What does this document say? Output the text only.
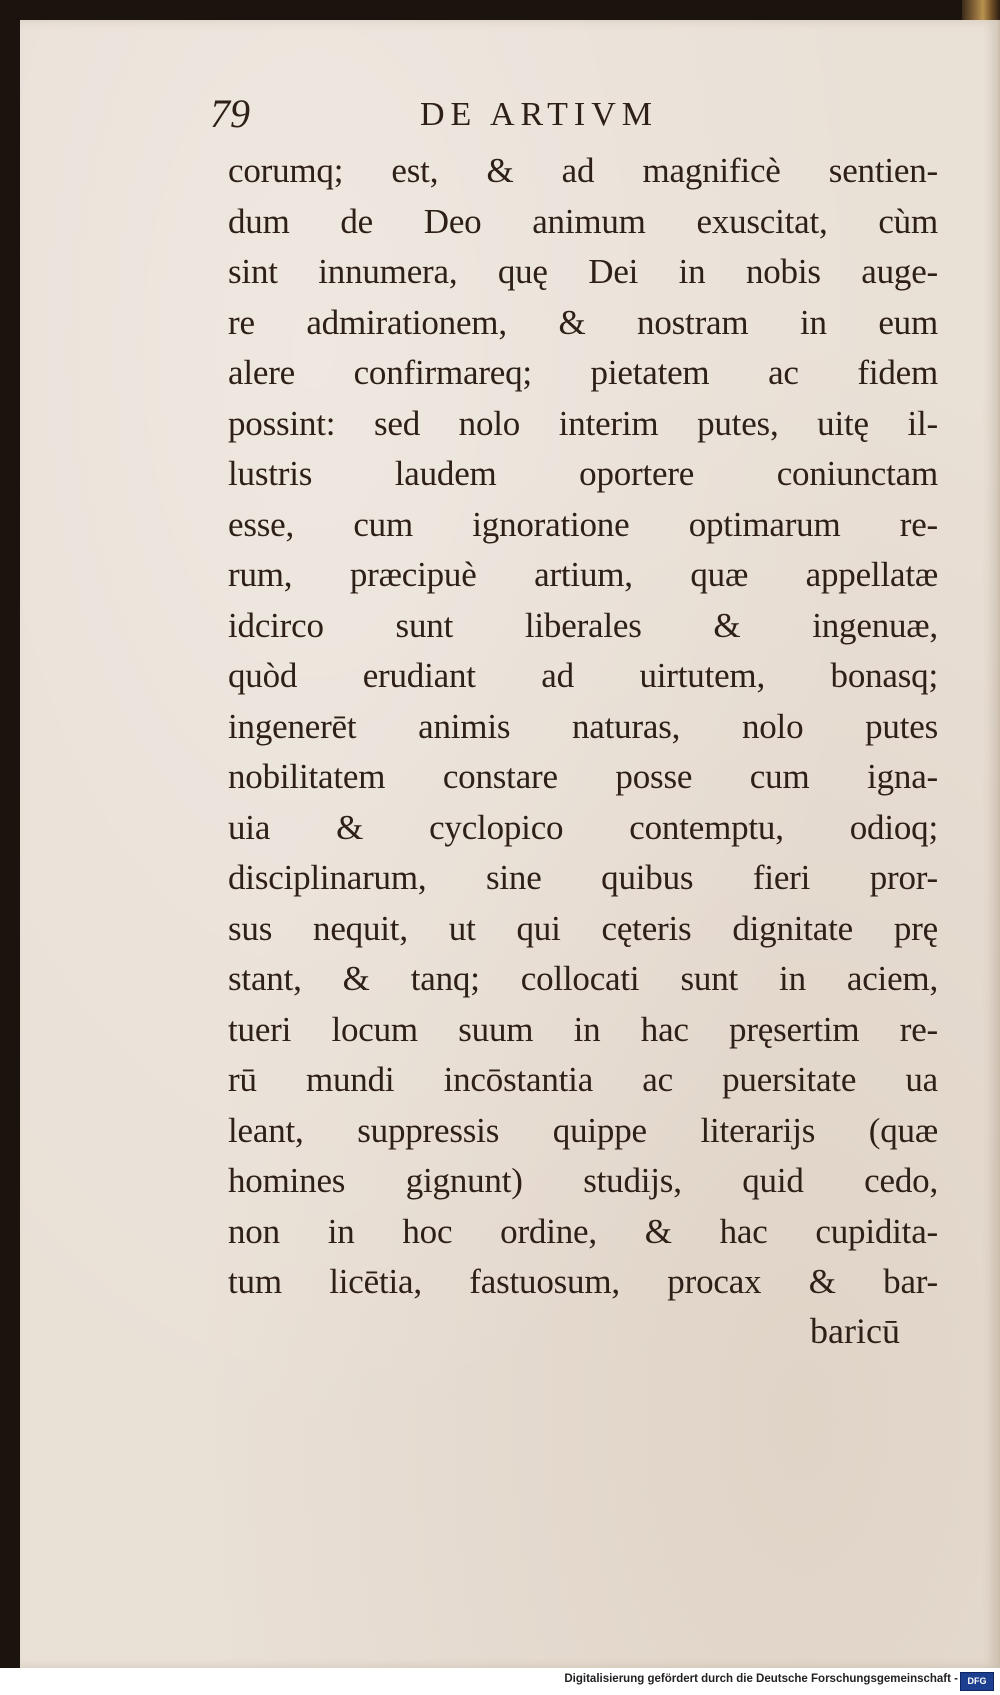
79	DE ARTIVM
corumq; est, & ad magnificè sentien-
dum de Deo animum exuscitat, cùm
sint innumera, quę Dei in nobis auge-
re admirationem, & nostram in eum
alere confirmareq; pietatem ac fidem
possint: sed nolo interim putes, uitę il-
lustris laudem oportere coniunctam
esse, cum ignoratione optimarum re-
rum, præcipuè artium, quæ appellatæ
idcirco sunt liberales & ingenuæ,
quòd erudiant ad uirtutem, bonasq;
ingenerēt animis naturas, nolo putes
nobilitatem constare posse cum igna-
uia & cyclopico contemptu, odioq;
disciplinarum, sine quibus fieri pror-
sus nequit, ut qui cęteris dignitate prę
stant, & tanq; collocati sunt in aciem,
tueri locum suum in hac pręsertim re-
rū mundi incōstantia ac puersitate ua
leant, suppressis quippe literarijs (quæ
homines gignunt) studijs, quid cedo,
non in hoc ordine, & hac cupidita-
tum licētia, fastuosum, procax & bar-
baricū
Digitalisierung gefördert durch die Deutsche Forschungsgemeinschaft -	DFG
